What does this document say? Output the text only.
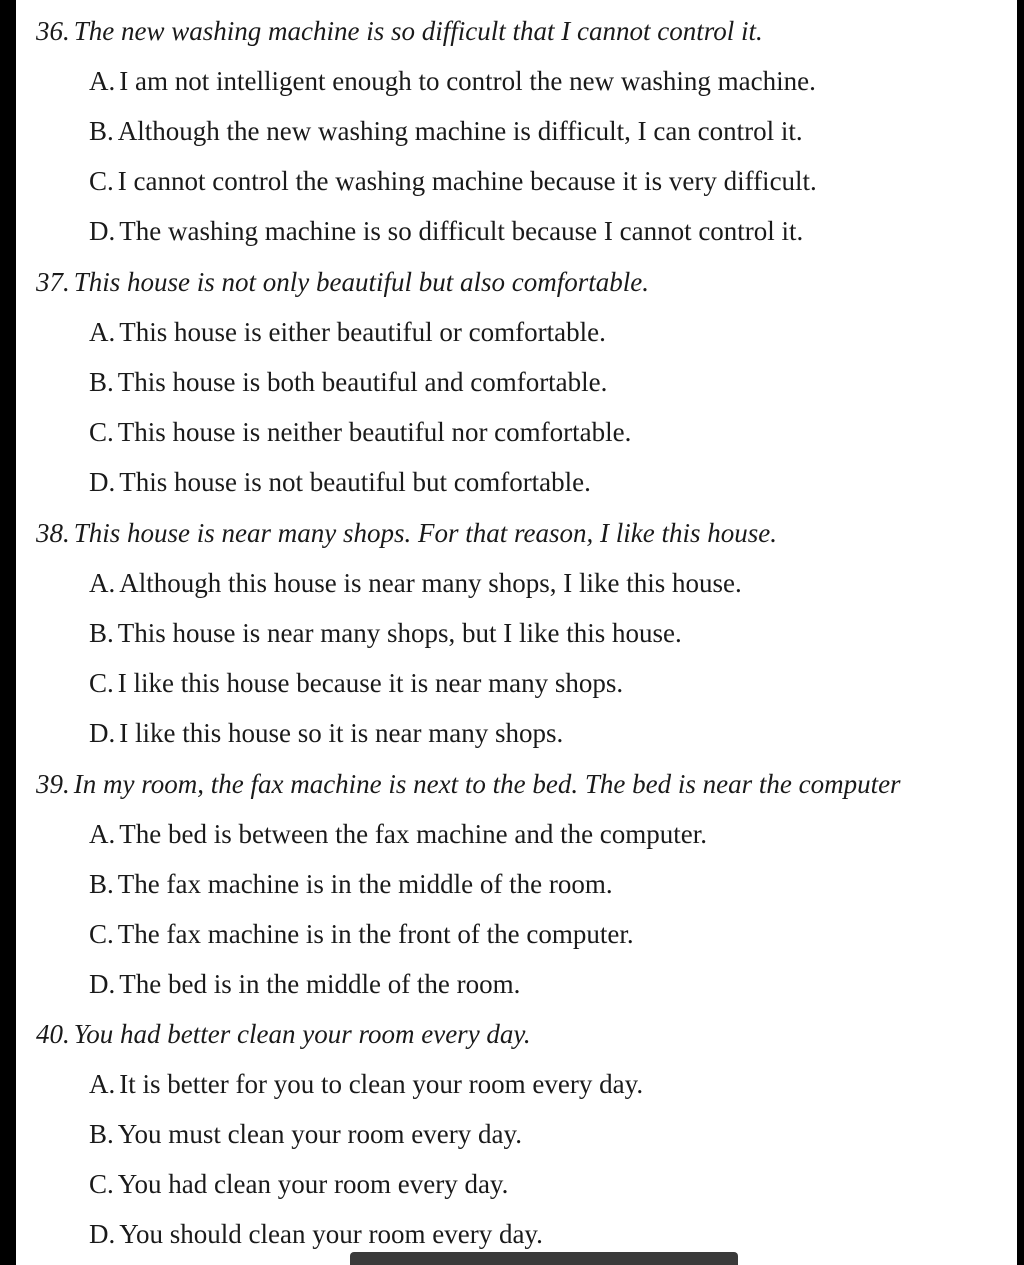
36. The new washing machine is so difficult that I cannot control it.
A. I am not intelligent enough to control the new washing machine.
B. Although the new washing machine is difficult, I can control it.
C. I cannot control the washing machine because it is very difficult.
D. The washing machine is so difficult because I cannot control it.
37. This house is not only beautiful but also comfortable.
A. This house is either beautiful or comfortable.
B. This house is both beautiful and comfortable.
C. This house is neither beautiful nor comfortable.
D. This house is not beautiful but comfortable.
38. This house is near many shops. For that reason, I like this house.
A. Although this house is near many shops, I like this house.
B. This house is near many shops, but I like this house.
C. I like this house because it is near many shops.
D. I like this house so it is near many shops.
39. In my room, the fax machine is next to the bed. The bed is near the computer
A. The bed is between the fax machine and the computer.
B. The fax machine is in the middle of the room.
C. The fax machine is in the front of the computer.
D. The bed is in the middle of the room.
40. You had better clean your room every day.
A. It is better for you to clean your room every day.
B. You must clean your room every day.
C. You had clean your room every day.
D. You should clean your room every day.
